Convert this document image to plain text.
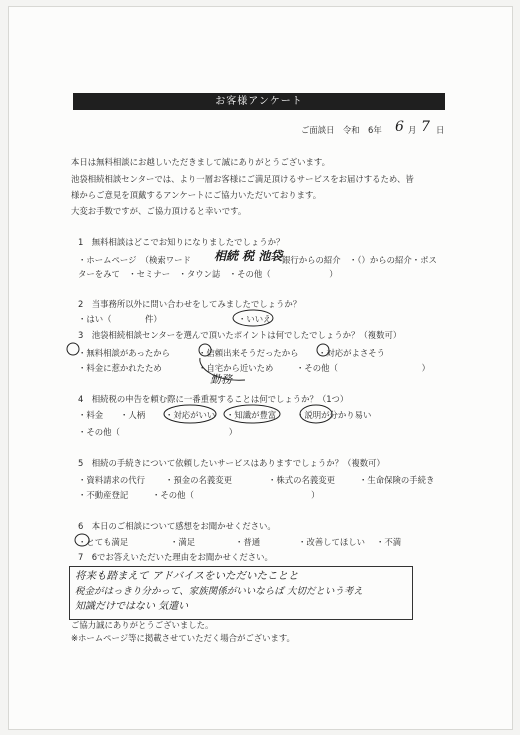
お客様アンケート
ご面談日　令和　6年 6 月 7 日
本日は無料相談にお越しいただきまして誠にありがとうございます。
池袋相続相談センターでは、より一層お客様にご満足頂けるサービスをお届けするため、皆
様からご意見を頂戴するアンケートにご協力いただいております。
大変お手数ですが、ご協力頂けると幸いです。
1　無料相談はどこでお知りになりましたでしょうか？
・ホームページ　（検索ワード 相続 税 池袋 銀行からの紹介　・（）からの紹介・ポス
ターをみて　・セミナー　・タウン誌　・その他（　　　　　　　）
2　当事務所以外に問い合わせをしてみましたでしょうか？
・はい（　　　　件）	・いいえ
3　池袋相続相談センターを選んで頂いたポイントは何でしたでしょうか？（複数可）
・無料相談があったから	・信頼出来そうだったから ・対応がよさそう
・料金に惹かれたため	・自宅から近いため	・その他（　　　　　　　　　　）
勤務
4　相続税の申告を頼む際に一番重視することは何でしょうか？（1つ）
・料金 ・人柄 ・対応がいい ・知識が豊富 ・説明が分かり易い
・その他（　　　　　　　　　　　　　）
5　相続の手続きについて依頼したいサービスはありますでしょうか？（複数可）
・資料請求の代行 ・預金の名義変更	・株式の名義変更	・生命保険の手続き
・不動産登記	・その他（　　　　　　　　　　　　　　）
6　本日のご相談について感想をお聞かせください。
・とても満足	・満足	・普通	・改善してほしい ・不満
7　6でお答えいただいた理由をお聞かせください。
将来も踏まえて アドバイスをいただいたことと
税金がはっきり分かって、家族関係がいいならば 大切だという考え
知識だけではない 気遣い
ご協力誠にありがとうございました。
※ホームページ等に掲載させていただく場合がございます。
